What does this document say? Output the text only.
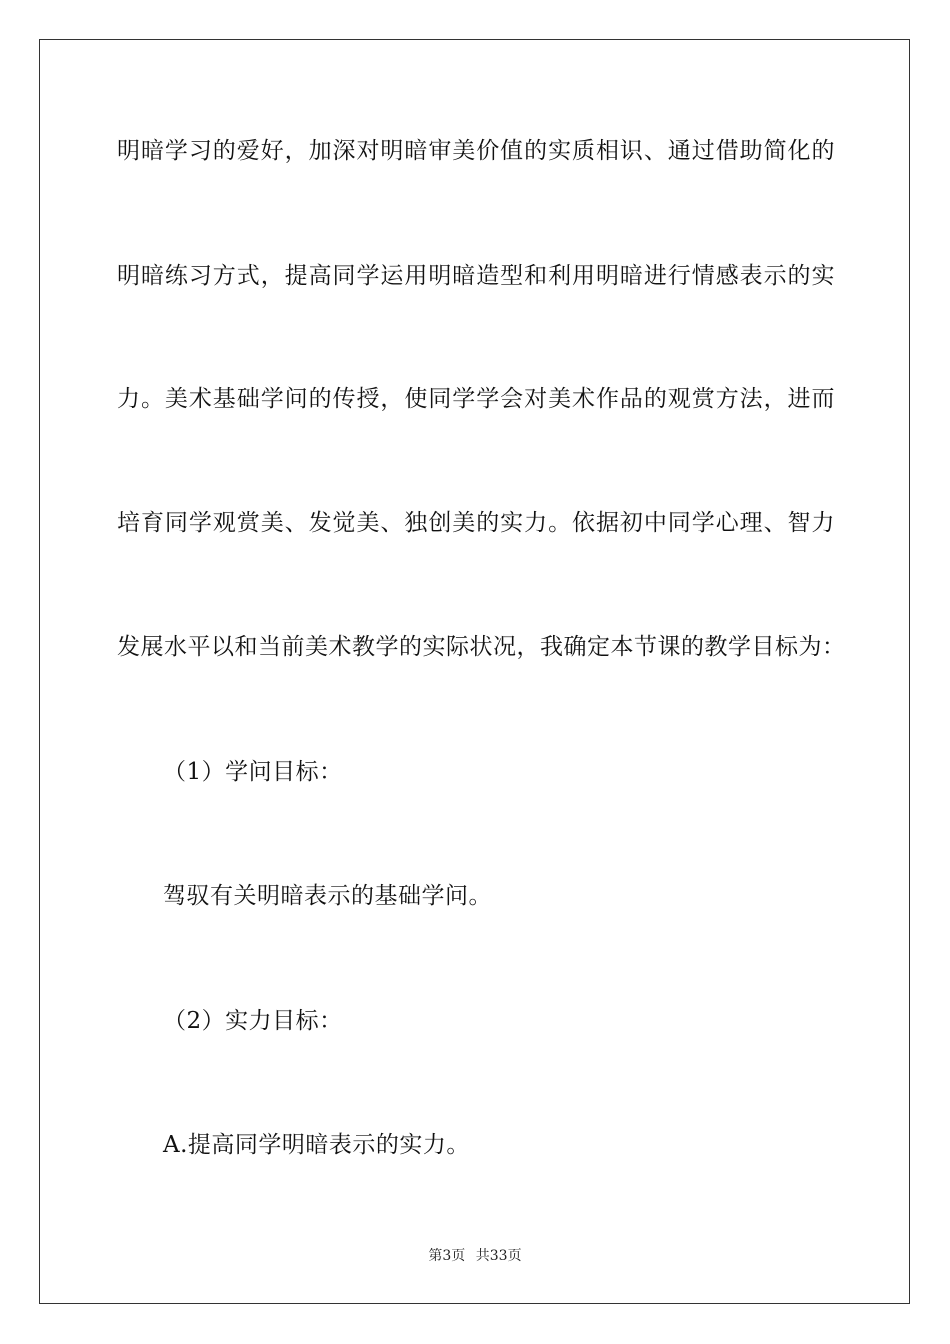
明暗学习的爱好，加深对明暗审美价值的实质相识、通过借助简化的
明暗练习方式，提高同学运用明暗造型和利用明暗进行情感表示的实
力。美术基础学问的传授，使同学学会对美术作品的观赏方法，进而
培育同学观赏美、发觉美、独创美的实力。依据初中同学心理、智力
发展水平以和当前美术教学的实际状况，我确定本节课的教学目标为：
（1）学问目标：
驾驭有关明暗表示的基础学问。
（2）实力目标：
A.提高同学明暗表示的实力。
第3页 共33页
